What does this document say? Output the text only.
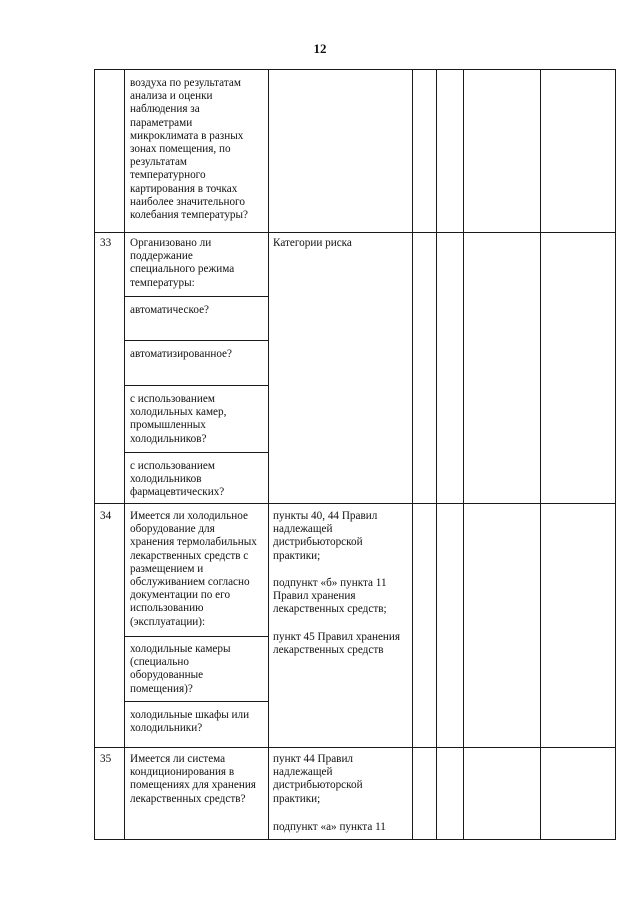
12
воздуха по результатам
анализа и оценки
наблюдения за
параметрами
микроклимата в разных
зонах помещения, по
результатам
температурного
картирования в точках
наиболее значительного
колебания температуры?
33 Организовано ли
поддержание
специального режима
температуры:
автоматическое?
автоматизированное?
с использованием
холодильных камер,
промышленных
холодильников?
с использованием
холодильников
фармацевтических?
Категории риска
34 Имеется ли холодильное
оборудование для
хранения термолабильных
лекарственных средств с
размещением и
обслуживанием согласно
документации по его
использованию
(эксплуатации):
холодильные камеры
(специально
оборудованные
помещения)?
холодильные шкафы или
холодильники?
пункты 40, 44 Правил
надлежащей
дистрибьюторской
практики;
подпункт «б» пункта 11
Правил хранения
лекарственных средств;
пункт 45 Правил хранения
лекарственных средств
35 Имеется ли система
кондиционирования в
помещениях для хранения
лекарственных средств?
пункт 44 Правил
надлежащей
дистрибьюторской
практики;
подпункт «а» пункта 11
